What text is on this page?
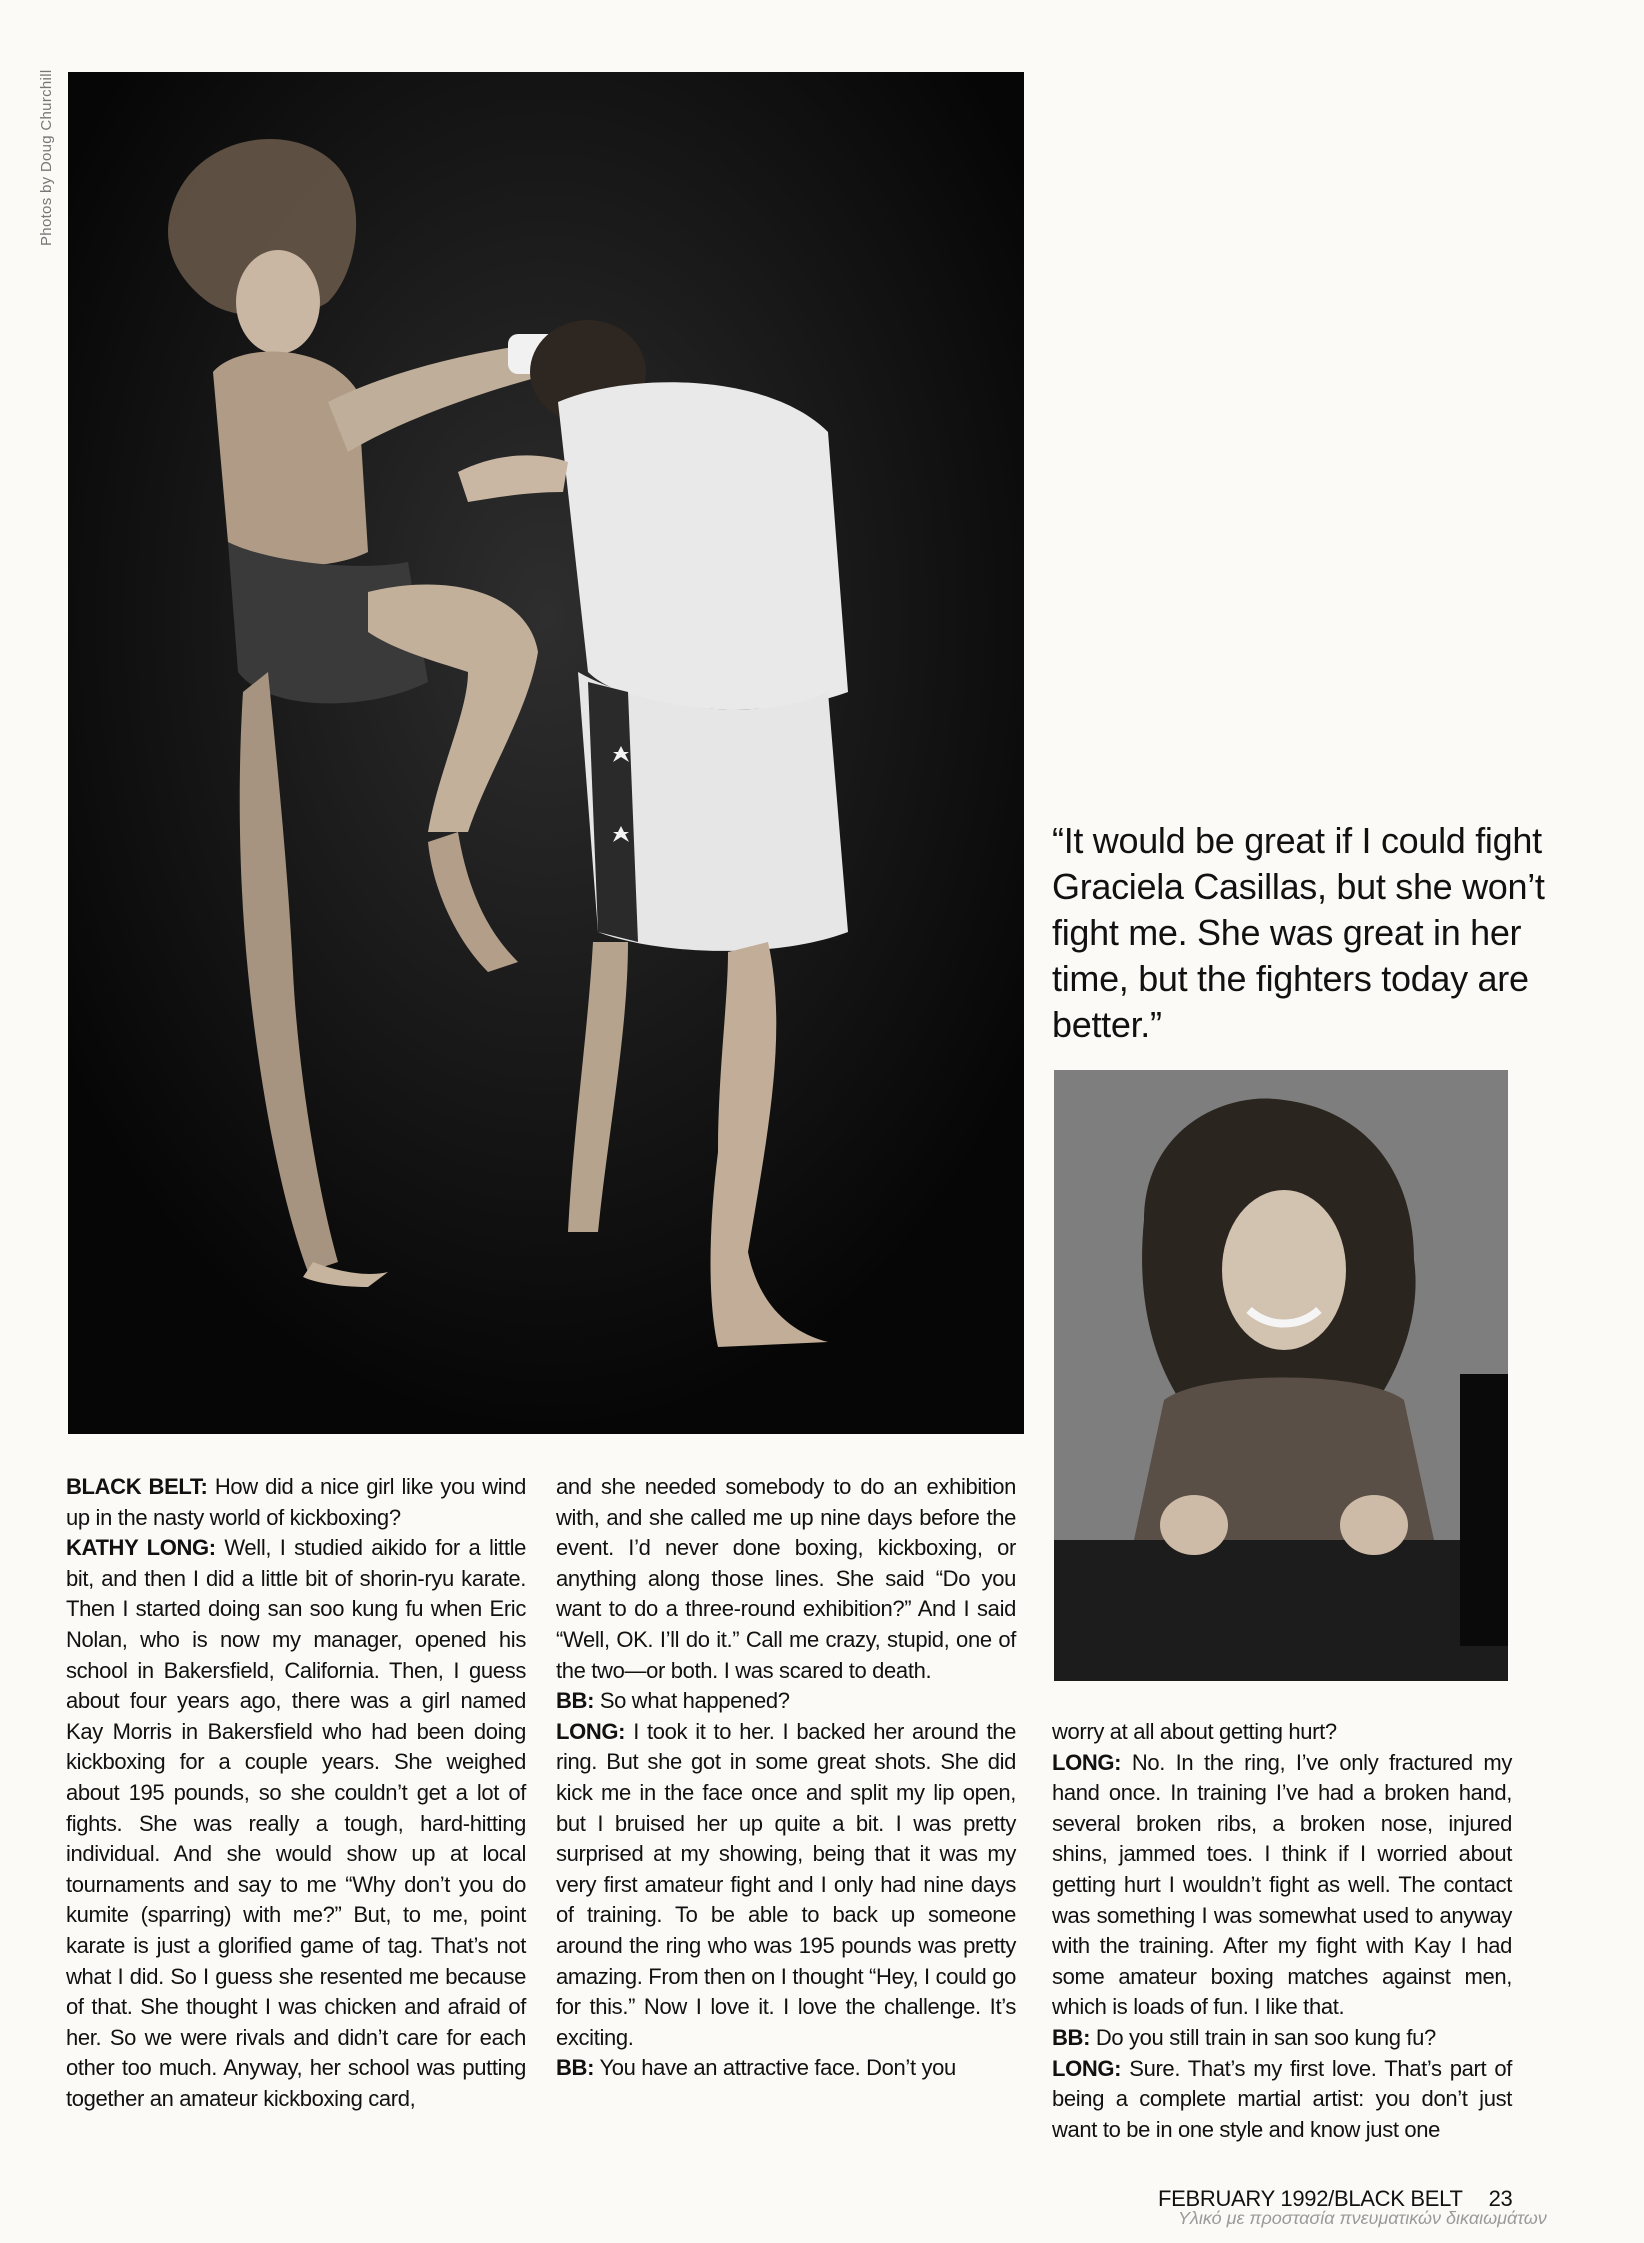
Photos by Doug Churchill
“It would be great if I could fight Graciela Casillas, but she won’t fight me. She was great in her time, but the fighters today are better.”

BLACK BELT: How did a nice girl like you wind up in the nasty world of kickboxing?

KATHY LONG: Well, I studied aikido for a little bit, and then I did a little bit of shorin-ryu karate. Then I started doing san soo kung fu when Eric Nolan, who is now my manager, opened his school in Bakersfield, California. Then, I guess about four years ago, there was a girl named Kay Morris in Bakersfield who had been doing kickboxing for a couple years. She weighed about 195 pounds, so she couldn’t get a lot of fights. She was really a tough, hard-hitting individual. And she would show up at local tournaments and say to me “Why don’t you do kumite (sparring) with me?” But, to me, point karate is just a glorified game of tag. That’s not what I did. So I guess she resented me because of that. She thought I was chicken and afraid of her. So we were rivals and didn’t care for each other too much. Anyway, her school was putting together an amateur kickboxing card,

and she needed somebody to do an exhibition with, and she called me up nine days before the event. I’d never done boxing, kickboxing, or anything along those lines. She said “Do you want to do a three-round exhibition?” And I said “Well, OK. I’ll do it.” Call me crazy, stupid, one of the two—or both. I was scared to death.

BB: So what happened?

LONG: I took it to her. I backed her around the ring. But she got in some great shots. She did kick me in the face once and split my lip open, but I bruised her up quite a bit. I was pretty surprised at my showing, being that it was my very first amateur fight and I only had nine days of training. To be able to back up someone around the ring who was 195 pounds was pretty amazing. From then on I thought “Hey, I could go for this.” Now I love it. I love the challenge. It’s exciting.

BB: You have an attractive face. Don’t you

worry at all about getting hurt?

LONG: No. In the ring, I’ve only fractured my hand once. In training I’ve had a broken hand, several broken ribs, a broken nose, injured shins, jammed toes. I think if I worried about getting hurt I wouldn’t fight as well. The contact was something I was somewhat used to anyway with the training. After my fight with Kay I had some amateur boxing matches against men, which is loads of fun. I like that.

BB: Do you still train in san soo kung fu?

LONG: Sure. That’s my first love. That’s part of being a complete martial artist: you don’t just want to be in one style and know just one

FEBRUARY 1992/BLACK BELT 23
Υλικό με προστασία πνευματικών δικαιωμάτων
